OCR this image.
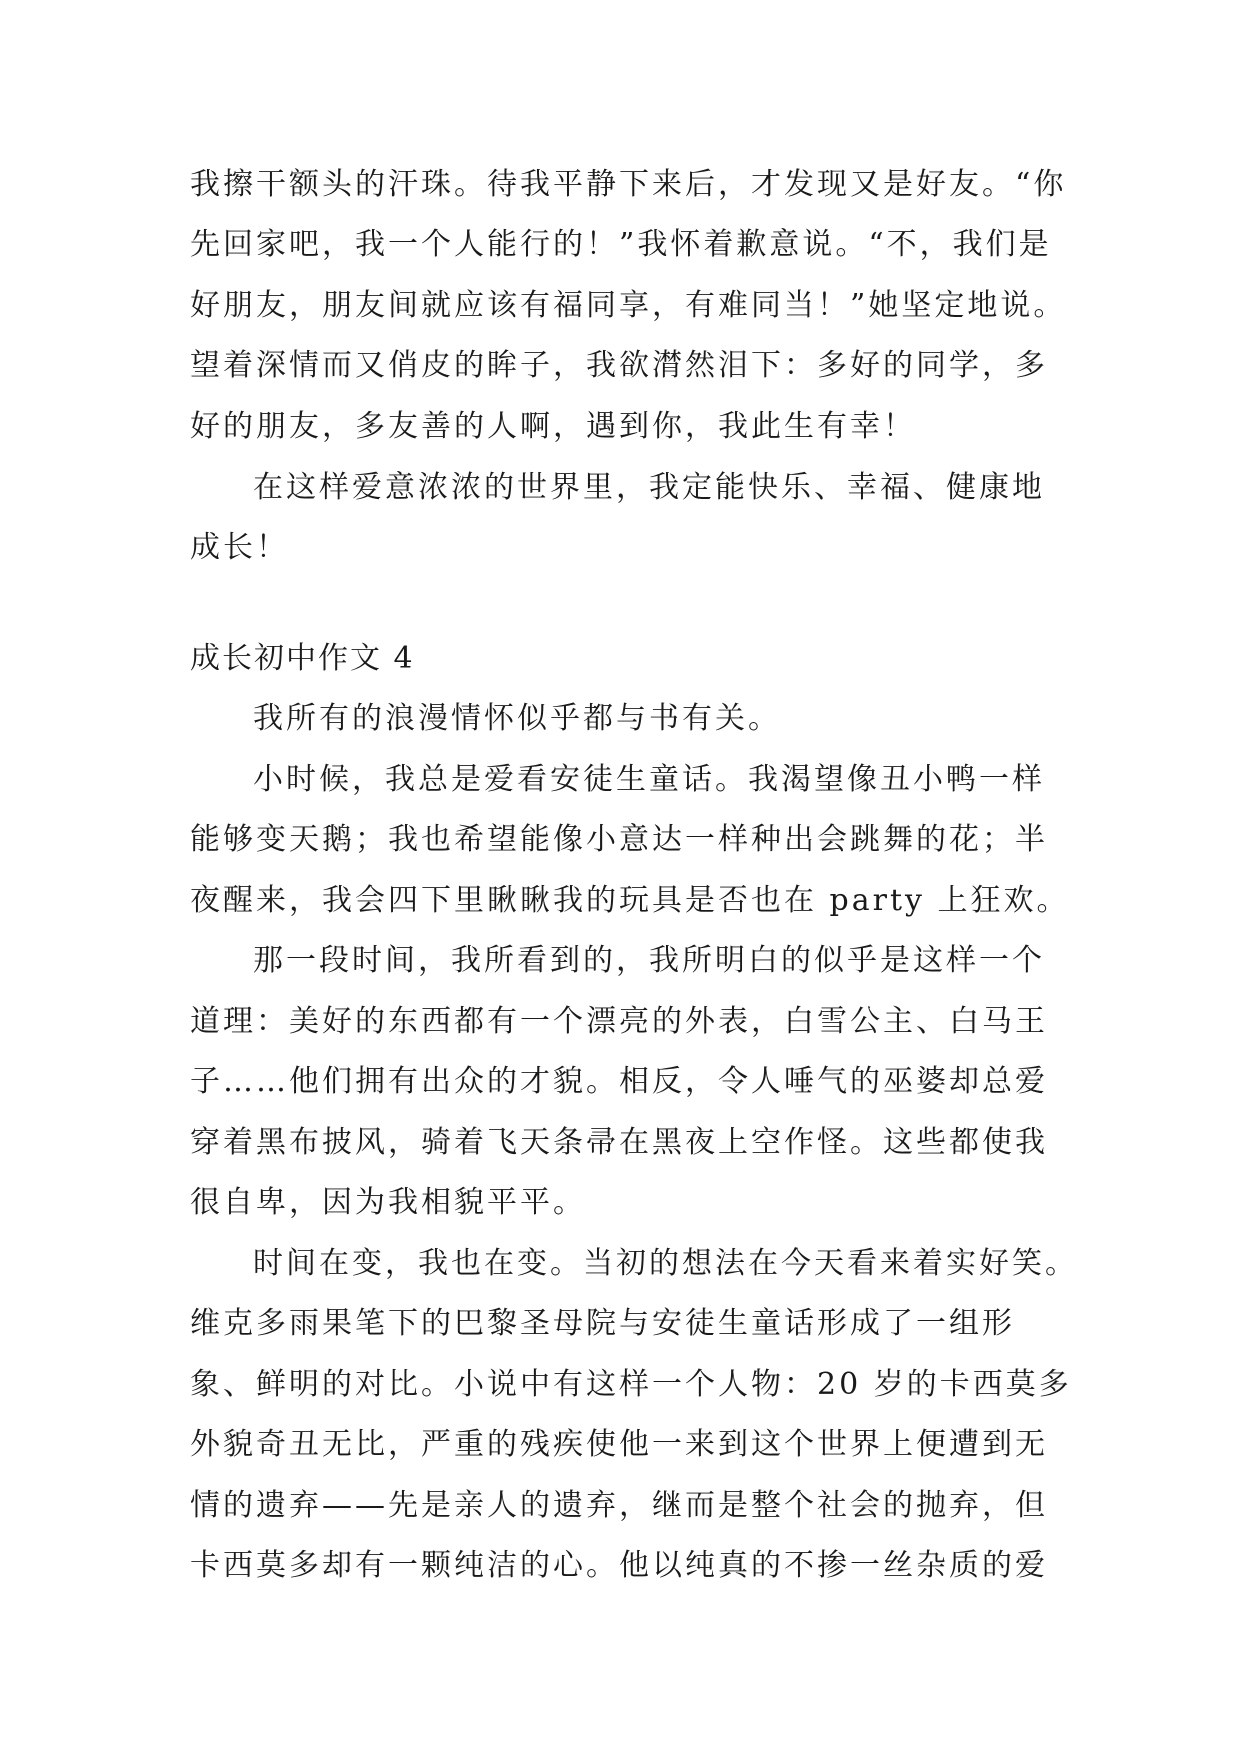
我擦干额头的汗珠。待我平静下来后，才发现又是好友。“你
先回家吧，我一个人能行的！”我怀着歉意说。“不，我们是
好朋友，朋友间就应该有福同享，有难同当！”她坚定地说。
望着深情而又俏皮的眸子，我欲潸然泪下：多好的同学，多
好的朋友，多友善的人啊，遇到你，我此生有幸！
在这样爱意浓浓的世界里，我定能快乐、幸福、健康地
成长！
成长初中作文 4
我所有的浪漫情怀似乎都与书有关。
小时候，我总是爱看安徒生童话。我渴望像丑小鸭一样
能够变天鹅；我也希望能像小意达一样种出会跳舞的花；半
夜醒来，我会四下里瞅瞅我的玩具是否也在 party 上狂欢。
那一段时间，我所看到的，我所明白的似乎是这样一个
道理：美好的东西都有一个漂亮的外表，白雪公主、白马王
子……他们拥有出众的才貌。相反，令人唾气的巫婆却总爱
穿着黑布披风，骑着飞天条帚在黑夜上空作怪。这些都使我
很自卑，因为我相貌平平。
时间在变，我也在变。当初的想法在今天看来着实好笑。
维克多雨果笔下的巴黎圣母院与安徒生童话形成了一组形
象、鲜明的对比。小说中有这样一个人物：20 岁的卡西莫多
外貌奇丑无比，严重的残疾使他一来到这个世界上便遭到无
情的遗弃——先是亲人的遗弃，继而是整个社会的抛弃，但
卡西莫多却有一颗纯洁的心。他以纯真的不掺一丝杂质的爱
